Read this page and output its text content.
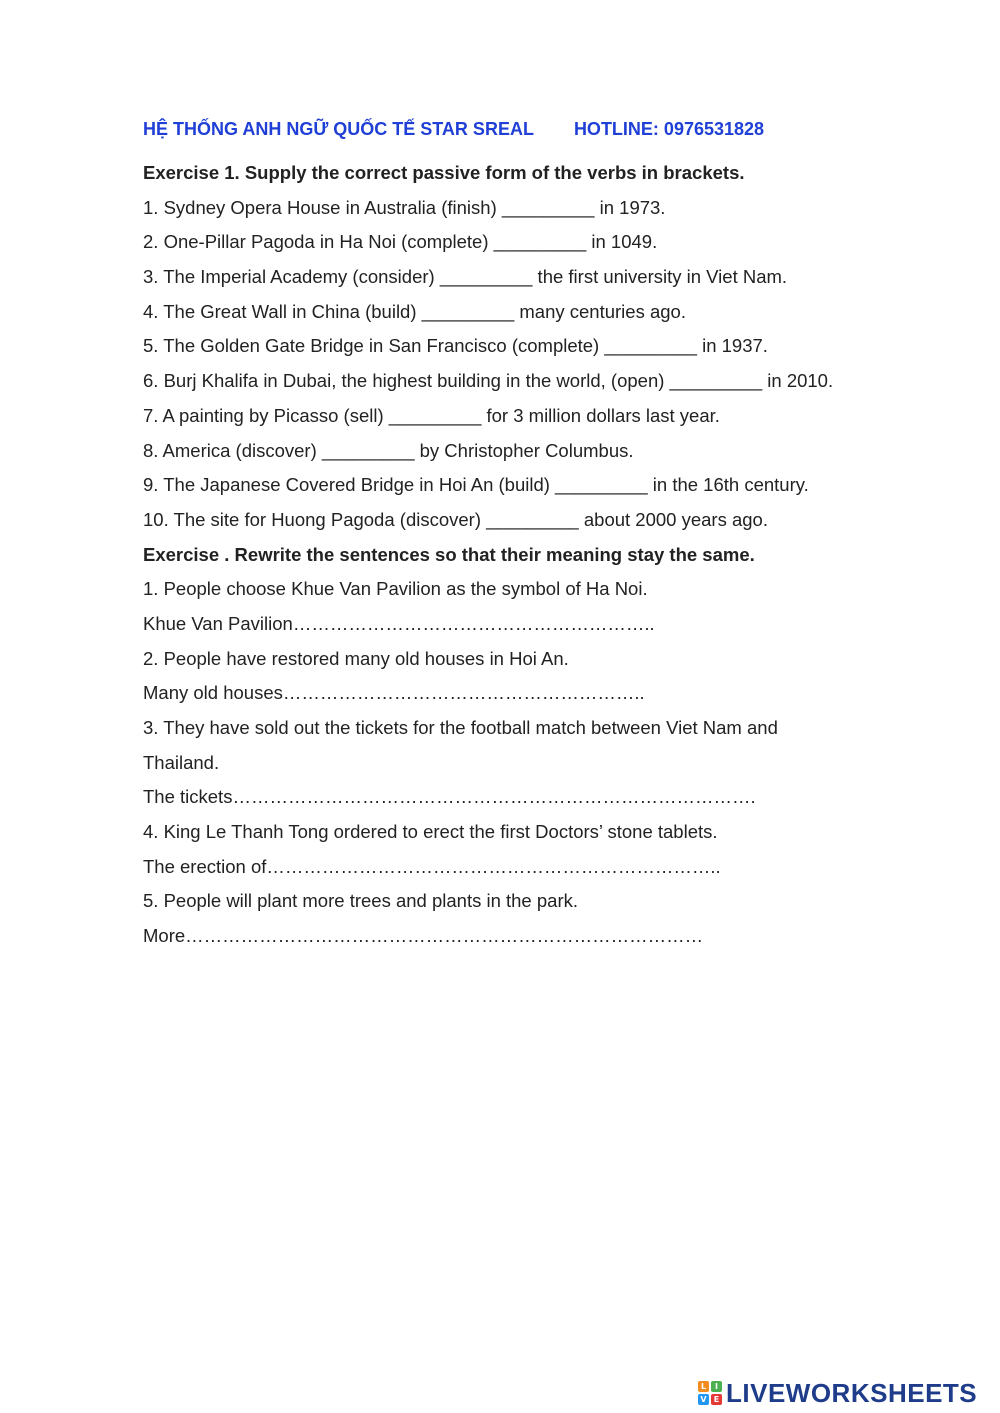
HỆ THỐNG ANH NGỮ QUỐC TẾ STAR SREAL HOTLINE: 0976531828
Exercise 1. Supply the correct passive form of the verbs in brackets.
1. Sydney Opera House in Australia (finish) _________ in 1973.
2. One-Pillar Pagoda in Ha Noi (complete) _________ in 1049.
3. The Imperial Academy (consider) _________ the first university in Viet Nam.
4. The Great Wall in China (build) _________ many centuries ago.
5. The Golden Gate Bridge in San Francisco (complete) _________ in 1937.
6. Burj Khalifa in Dubai, the highest building in the world, (open) _________ in 2010.
7. A painting by Picasso (sell) _________ for 3 million dollars last year.
8. America (discover) _________ by Christopher Columbus.
9. The Japanese Covered Bridge in Hoi An (build) _________ in the 16th century.
10. The site for Huong Pagoda (discover) _________ about 2000 years ago.
Exercise . Rewrite the sentences so that their meaning stay the same.
1. People choose Khue Van Pavilion as the symbol of Ha Noi.
Khue Van Pavilion…………………………………………………..
2. People have restored many old houses in Hoi An.
Many old houses…………………………………………………..
3. They have sold out the tickets for the football match between Viet Nam and
Thailand.
The tickets………………………………………………………………………….
4. King Le Thanh Tong ordered to erect the first Doctors’ stone tablets.
The erection of………………………………………………………………..
5. People will plant more trees and plants in the park.
More…………………………………………………………………………
L	I
V E LIVEWORKSHEETS
